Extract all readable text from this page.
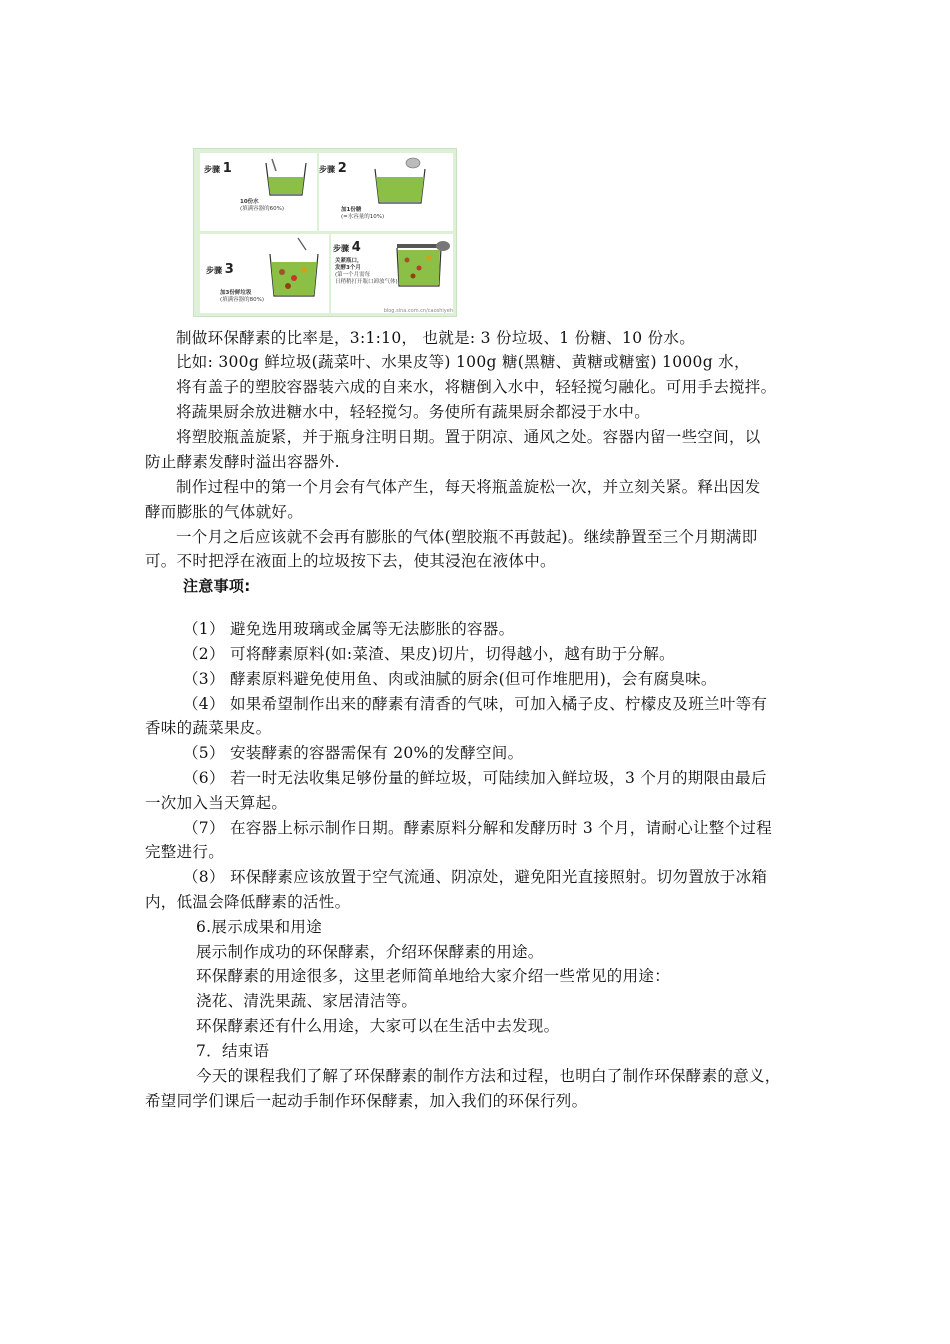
步骤 1
10份水
(填满容器的60%)
步骤 2
加1份糖
(=水容量的10%)
步骤 3
加3份鲜垃圾
(填满容器的80%)
步骤 4
关紧瓶口，
发酵3个月
(第一个月需每
日稍稍打开瓶口卸放气体)
blog.sina.com.cn/caoshiyeh
制做环保酵素的比率是，3:1:10， 也就是: 3 份垃圾、1 份糖、10 份水。
比如: 300g 鲜垃圾(蔬菜叶、水果皮等) 100g 糖(黑糖、黄糖或糖蜜) 1000g 水，
将有盖子的塑胶容器装六成的自来水，将糖倒入水中，轻轻搅匀融化。可用手去搅拌。
将蔬果厨余放进糖水中，轻轻搅匀。务使所有蔬果厨余都浸于水中。
将塑胶瓶盖旋紧，并于瓶身注明日期。置于阴凉、通风之处。容器内留一些空间，以
防止酵素发酵时溢出容器外.
制作过程中的第一个月会有气体产生，每天将瓶盖旋松一次，并立刻关紧。释出因发
酵而膨胀的气体就好。
一个月之后应该就不会再有膨胀的气体(塑胶瓶不再鼓起)。继续静置至三个月期满即
可。不时把浮在液面上的垃圾按下去，使其浸泡在液体中。
注意事项:
（1） 避免选用玻璃或金属等无法膨胀的容器。
（2） 可将酵素原料(如:菜渣、果皮)切片，切得越小，越有助于分解。
（3） 酵素原料避免使用鱼、肉或油腻的厨余(但可作堆肥用)，会有腐臭味。
（4） 如果希望制作出来的酵素有清香的气味，可加入橘子皮、柠檬皮及班兰叶等有
香味的蔬菜果皮。
（5） 安装酵素的容器需保有 20%的发酵空间。
（6） 若一时无法收集足够份量的鲜垃圾，可陆续加入鲜垃圾，3 个月的期限由最后
一次加入当天算起。
（7） 在容器上标示制作日期。酵素原料分解和发酵历时 3 个月，请耐心让整个过程
完整进行。
（8） 环保酵素应该放置于空气流通、阴凉处，避免阳光直接照射。切勿置放于冰箱
内，低温会降低酵素的活性。
6.展示成果和用途
展示制作成功的环保酵素，介绍环保酵素的用途。
环保酵素的用途很多，这里老师简单地给大家介绍一些常见的用途：
浇花、清洗果蔬、家居清洁等。
环保酵素还有什么用途，大家可以在生活中去发现。
7．结束语
今天的课程我们了解了环保酵素的制作方法和过程，也明白了制作环保酵素的意义，
希望同学们课后一起动手制作环保酵素，加入我们的环保行列。
